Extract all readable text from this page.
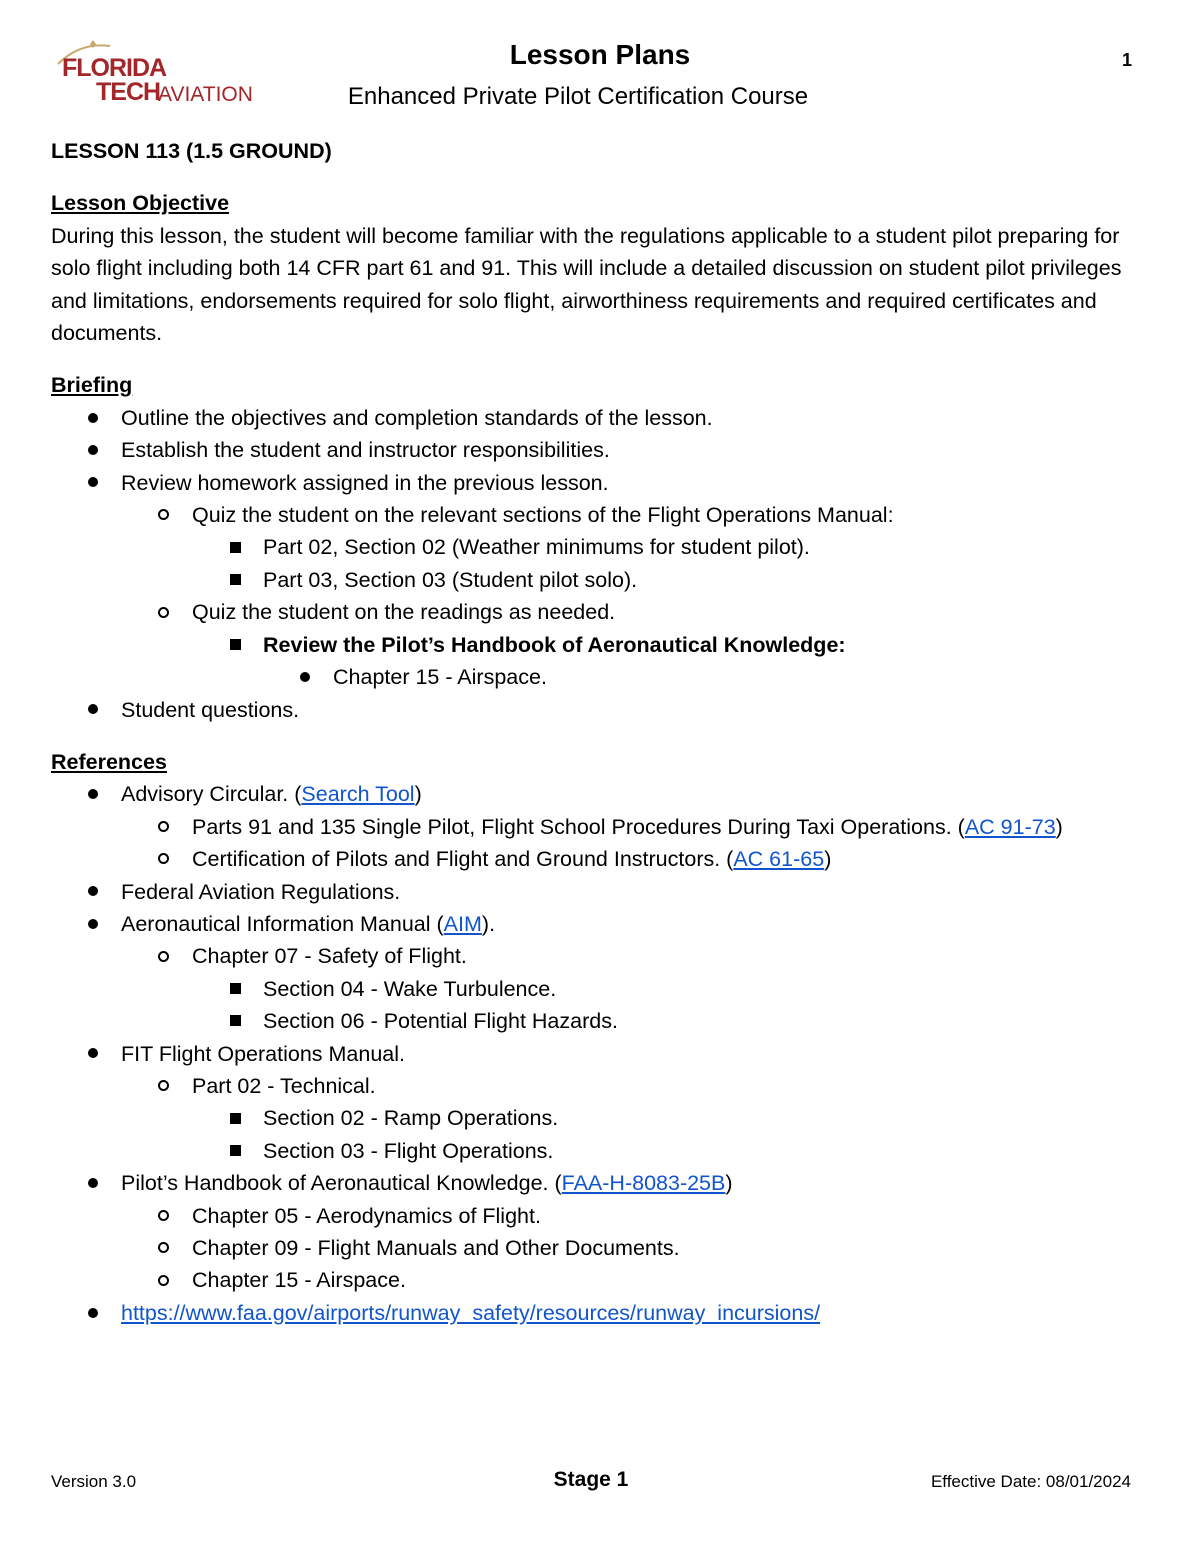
FLORIDA
TECH
AVIATION
Lesson Plans
Enhanced Private Pilot Certification Course
1

LESSON 113 (1.5 GROUND)

Lesson Objective

During this lesson, the student will become familiar with the regulations applicable to a student pilot preparing for solo flight including both 14 CFR part 61 and 91. This will include a detailed discussion on student pilot privileges and limitations, endorsements required for solo flight, airworthiness requirements and required certificates and documents.

Briefing

Outline the objectives and completion standards of the lesson.
Establish the student and instructor responsibilities.
Review homework assigned in the previous lesson.
Quiz the student on the relevant sections of the Flight Operations Manual:
Part 02, Section 02 (Weather minimums for student pilot).
Part 03, Section 03 (Student pilot solo).
Quiz the student on the readings as needed.
Review the Pilot’s Handbook of Aeronautical Knowledge:
Chapter 15 - Airspace.
Student questions.

References

Advisory Circular. (Search Tool)
Parts 91 and 135 Single Pilot, Flight School Procedures During Taxi Operations. (AC 91-73)
Certification of Pilots and Flight and Ground Instructors. (AC 61-65)
Federal Aviation Regulations.
Aeronautical Information Manual (AIM).
Chapter 07 - Safety of Flight.
Section 04 - Wake Turbulence.
Section 06 - Potential Flight Hazards.
FIT Flight Operations Manual.
Part 02 - Technical.
Section 02 - Ramp Operations.
Section 03 - Flight Operations.
Pilot’s Handbook of Aeronautical Knowledge. (FAA-H-8083-25B)
Chapter 05 - Aerodynamics of Flight.
Chapter 09 - Flight Manuals and Other Documents.
Chapter 15 - Airspace.
https://www.faa.gov/airports/runway_safety/resources/runway_incursions/
Version 3.0	Stage 1	Effective Date: 08/01/2024
